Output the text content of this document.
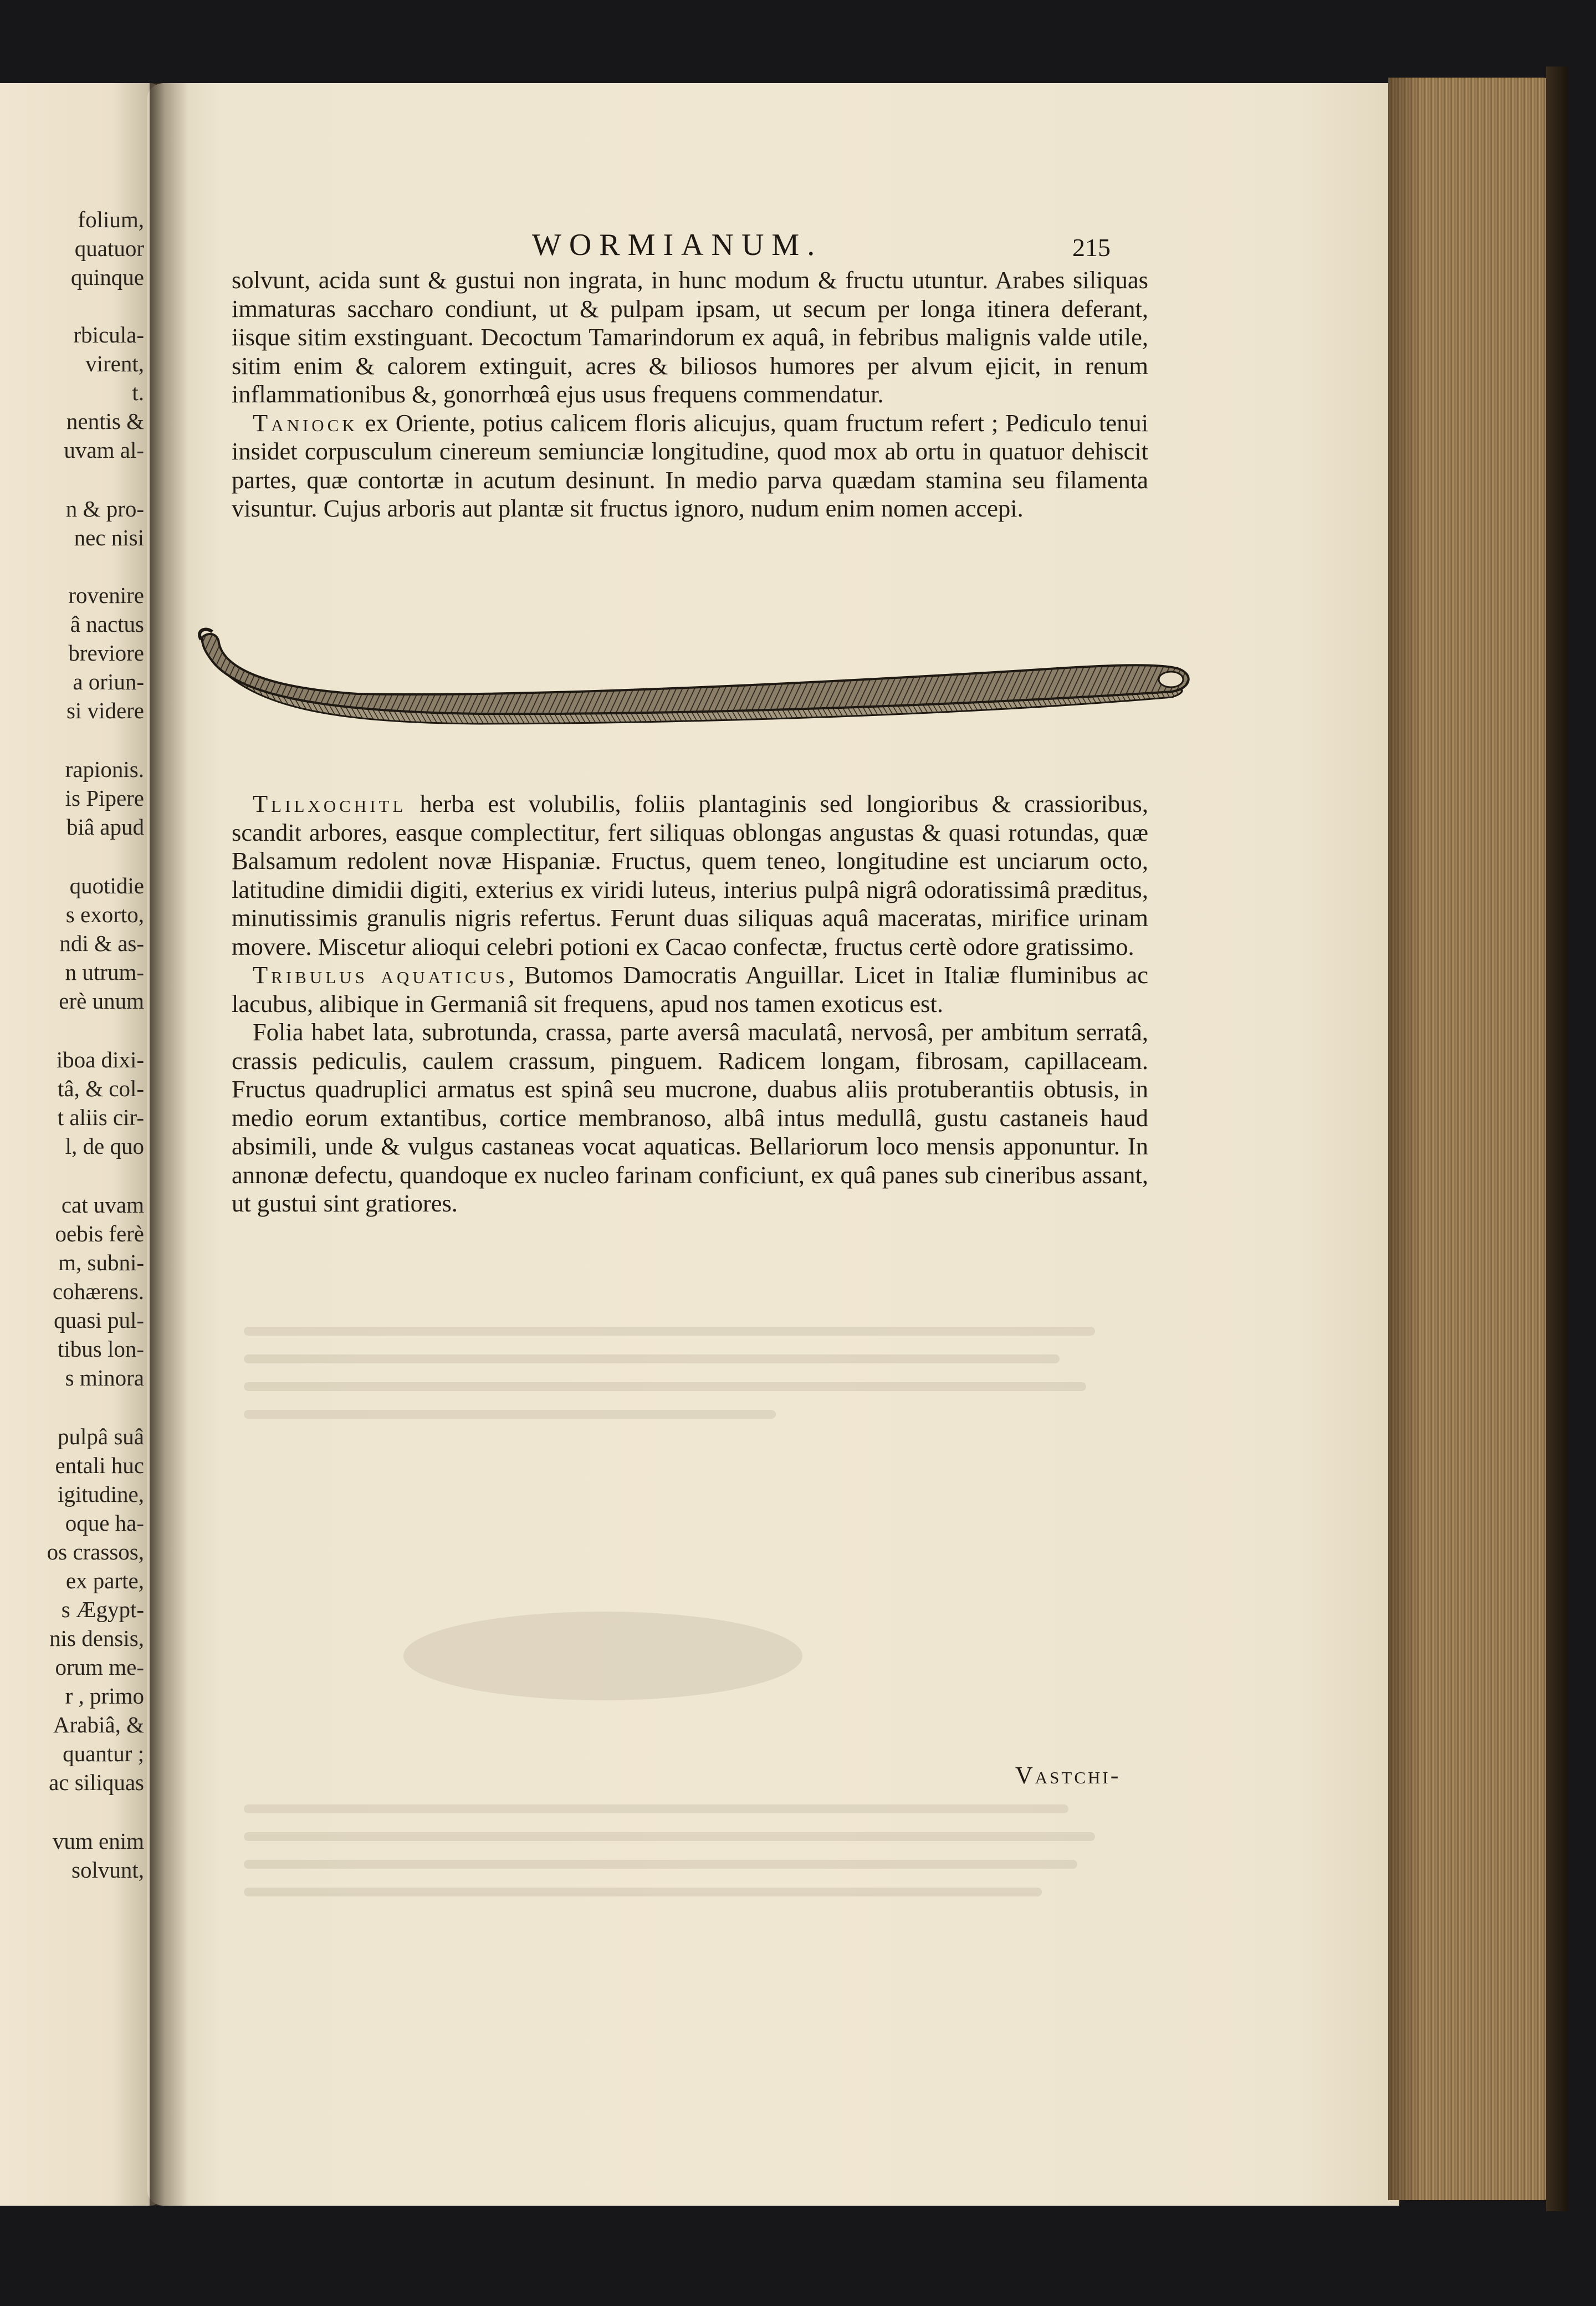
folium,
quatuor
quinque
rbicula-
virent,
t.
nentis &
uvam al-
n & pro-
nec nisi
rovenire
â nactus
breviore
a oriun-
si videre
rapionis.
is Pipere
biâ apud
quotidie
s exorto,
ndi & as-
n utrum-
erè unum
iboa dixi-
tâ, & col-
t aliis cir-
l, de quo
cat uvam
oebis ferè
m, subni-
cohærens.
quasi pul-
tibus lon-
s minora
pulpâ suâ
entali huc
igitudine,
oque ha-
os crassos,
ex parte,
s Ægypt-
nis densis,
orum me-
r , primo
Arabiâ, &
quantur ;
ac siliquas
vum enim
solvunt,
WORMIANUM.	215

solvunt, acida sunt & gustui non ingrata, in hunc modum & fructu utuntur. Arabes siliquas immaturas saccharo condiunt, ut & pulpam ipsam, ut secum per longa itinera deferant, iisque sitim exstinguant. Decoctum Tamarindorum ex aquâ, in febribus malignis valde utile, sitim enim & calorem extinguit, acres & biliosos humores per alvum ejicit, in renum inflammationibus &, gonorrhœâ ejus usus frequens commendatur.

Taniock ex Oriente, potius calicem floris alicujus, quam fructum refert ; Pediculo tenui insidet corpusculum cinereum semiunciæ longitudine, quod mox ab ortu in quatuor dehiscit partes, quæ contortæ in acutum desinunt. In medio parva quædam stamina seu filamenta visuntur. Cujus arboris aut plantæ sit fructus ignoro, nudum enim nomen accepi.

Tlilxochitl herba est volubilis, foliis plantaginis sed longioribus & crassioribus, scandit arbores, easque complectitur, fert siliquas oblongas angustas & quasi rotundas, quæ Balsamum redolent novæ Hispaniæ. Fructus, quem teneo, longitudine est unciarum octo, latitudine dimidii digiti, exterius ex viridi luteus, interius pulpâ nigrâ odoratissimâ præditus, minutissimis granulis nigris refertus. Ferunt duas siliquas aquâ maceratas, mirifice urinam movere. Miscetur alioqui celebri potioni ex Cacao confectæ, fructus certè odore gratissimo.

Tribulus aquaticus, Butomos Damocratis Anguillar. Licet in Italiæ fluminibus ac lacubus, alibique in Germaniâ sit frequens, apud nos tamen exoticus est.

Folia habet lata, subrotunda, crassa, parte aversâ maculatâ, nervosâ, per ambitum serratâ, crassis pediculis, caulem crassum, pinguem. Radicem longam, fibrosam, capillaceam. Fructus quadruplici armatus est spinâ seu mucrone, duabus aliis protuberantiis obtusis, in medio eorum extantibus, cortice membranoso, albâ intus medullâ, gustu castaneis haud absimili, unde & vulgus castaneas vocat aquaticas. Bellariorum loco mensis apponuntur. In annonæ defectu, quandoque ex nucleo farinam conficiunt, ex quâ panes sub cineribus assant, ut gustui sint gratiores.

Vastchi-
